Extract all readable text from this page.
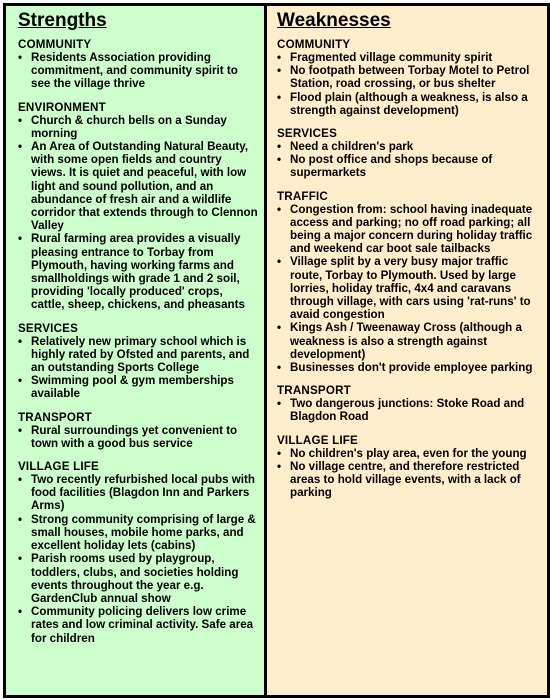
Strengths
COMMUNITY
• Residents Association providing commitment, and community spirit to see the village thrive
ENVIRONMENT
• Church & church bells on a Sunday morning
• An Area of Outstanding Natural Beauty, with some open fields and country views. It is quiet and peaceful, with low light and sound pollution, and an abundance of fresh air and a wildlife corridor that extends through to Clennon Valley
• Rural farming area provides a visually pleasing entrance to Torbay from Plymouth, having working farms and smallholdings with grade 1 and 2 soil, providing 'locally produced' crops, cattle, sheep, chickens, and pheasants
SERVICES
• Relatively new primary school which is highly rated by Ofsted and parents, and an outstanding Sports College
• Swimming pool & gym memberships available
TRANSPORT
• Rural surroundings yet convenient to town with a good bus service
VILLAGE LIFE
• Two recently refurbished local pubs with food facilities (Blagdon Inn and Parkers Arms)
• Strong community comprising of large & small houses, mobile home parks, and excellent holiday lets (cabins)
• Parish rooms used by playgroup, toddlers, clubs, and societies holding events throughout the year e.g. GardenClub annual show
• Community policing delivers low crime rates and low criminal activity. Safe area for children
Weaknesses
COMMUNITY
• Fragmented village community spirit
• No footpath between Torbay Motel to Petrol Station, road crossing, or bus shelter
• Flood plain (although a weakness, is also a strength against development)
SERVICES
• Need a children's park
• No post office and shops because of supermarkets
TRAFFIC
• Congestion from: school having inadequate access and parking; no off road parking; all being a major concern during holiday traffic and weekend car boot sale tailbacks
• Village split by a very busy major traffic route, Torbay to Plymouth. Used by large lorries, holiday traffic, 4x4 and caravans through village, with cars using 'rat-runs' to avaid congestion
• Kings Ash / Tweenaway Cross (although a weakness is also a strength against development)
• Businesses don't provide employee parking
TRANSPORT
• Two dangerous junctions: Stoke Road and Blagdon Road
VILLAGE LIFE
• No children's play area, even for the young
• No village centre, and therefore restricted areas to hold village events, with a lack of parking
